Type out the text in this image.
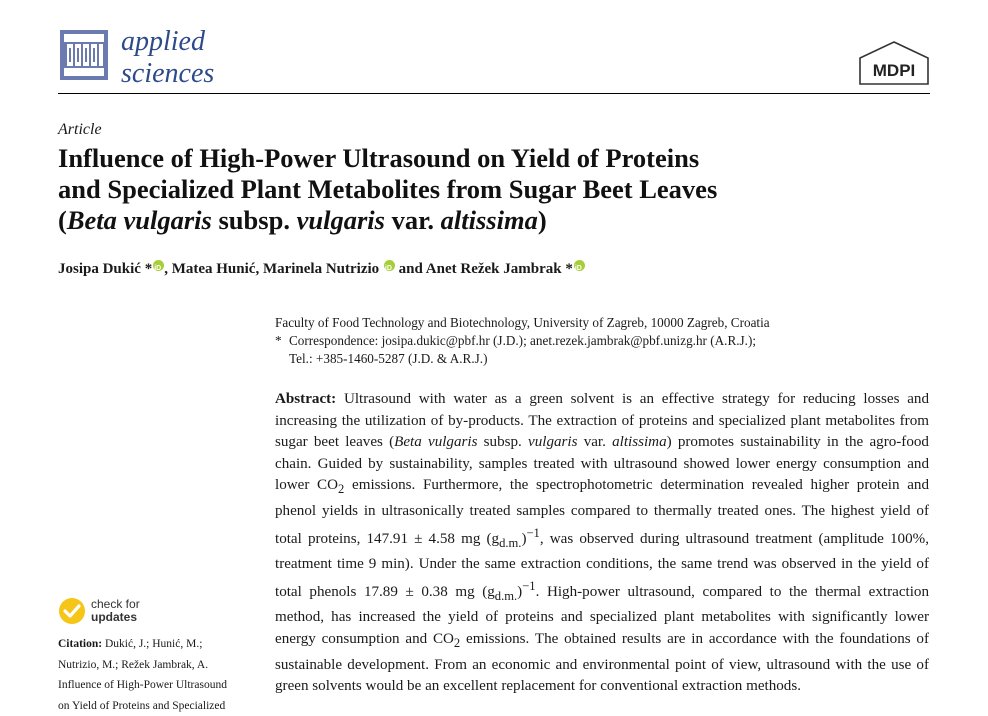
applied
sciences	MDPI
Article
Influence of High-Power Ultrasound on Yield of Proteins
and Specialized Plant Metabolites from Sugar Beet Leaves
(Beta vulgaris subsp. vulgaris var. altissima)
Josipa Dukić *iD , Matea Hunić, Marinela Nutrizio iD and Anet Režek Jambrak *iD
Faculty of Food Technology and Biotechnology, University of Zagreb, 10000 Zagreb, Croatia
* Correspondence: josipa.dukic@pbf.hr (J.D.); anet.rezek.jambrak@pbf.unizg.hr (A.R.J.);
Tel.: +385-1460-5287 (J.D. & A.R.J.)

Abstract: Ultrasound with water as a green solvent is an effective strategy for reducing losses and increasing the utilization of by-products. The extraction of proteins and specialized plant metabolites from sugar beet leaves (Beta vulgaris subsp. vulgaris var. altissima) promotes sustainability in the agro-food chain. Guided by sustainability, samples treated with ultrasound showed lower energy consumption and lower $CO_2$ emissions. Furthermore, the spectrophotometric determination revealed higher protein and phenol yields in ultrasonically treated samples compared to thermally treated ones. The highest yield of total proteins, 147.91 ± 4.58 mg $(g_{d.m.})^{-1}$, was observed during ultrasound treatment (amplitude 100%, treatment time 9 min). Under the same extraction conditions, the same trend was observed in the yield of total phenols 17.89 ± 0.38 mg $(g_{d.m.})^{-1}$. High-power ultrasound, compared to the thermal extraction method, has increased the yield of proteins and specialized plant metabolites with significantly lower energy consumption and $CO_2$ emissions. The obtained results are in accordance with the foundations of sustainable development. From an economic and environmental point of view, ultrasound with the use of green solvents would be an excellent replacement for conventional extraction methods.

check for
updates
Citation: Dukić, J.; Hunić, M.;
Nutrizio, M.; Režek Jambrak, A.
Influence of High-Power Ultrasound
on Yield of Proteins and Specialized
